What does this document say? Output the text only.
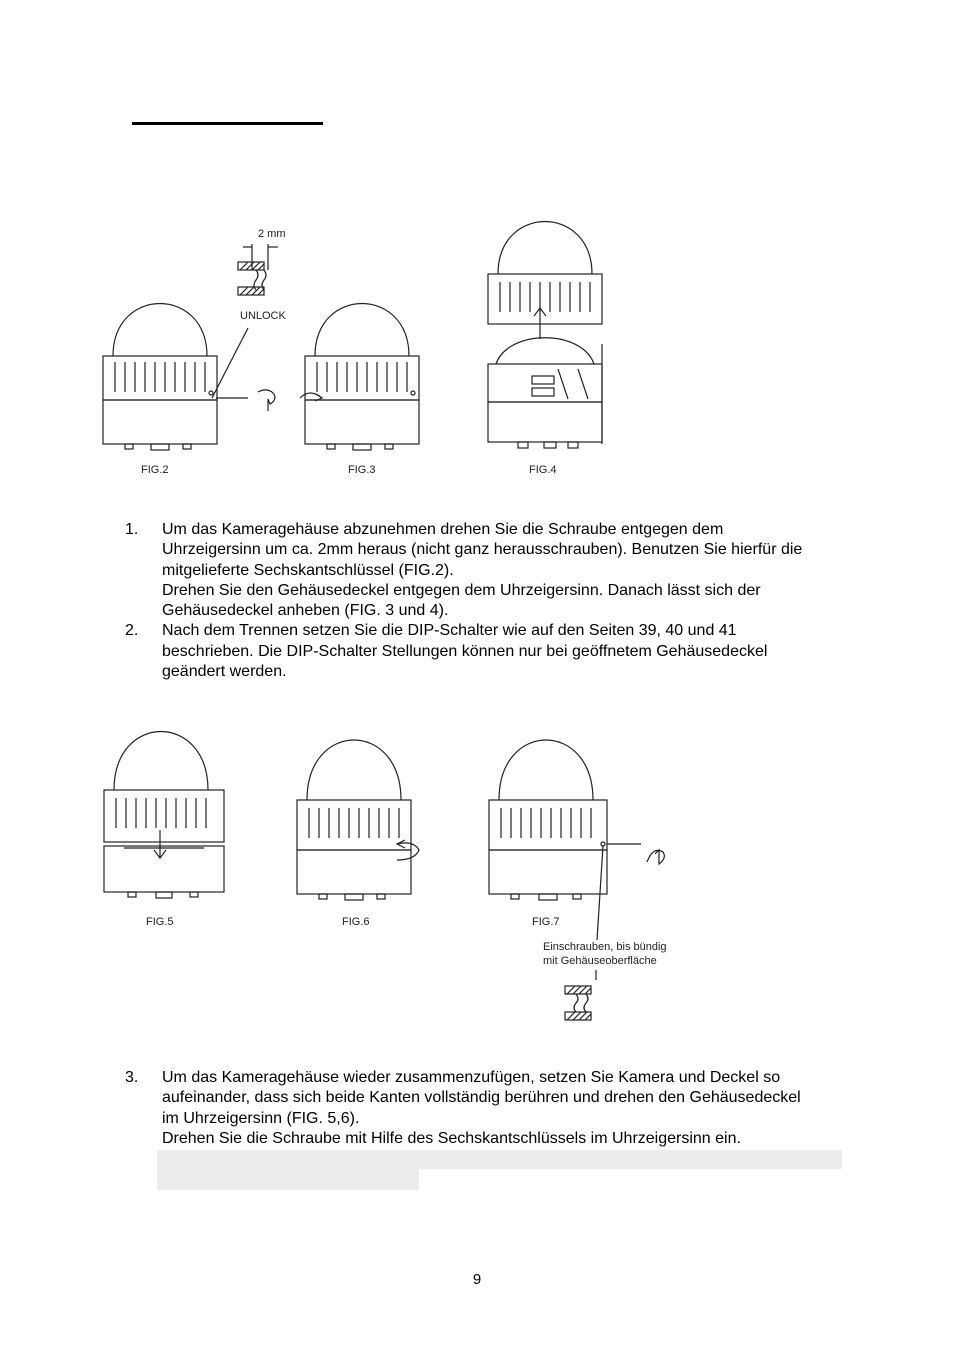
2 mm
UNLOCK
FIG.2	FIG.3	FIG.4
FIG.5	FIG.6	FIG.7
Einschrauben, bis bündig
mit Gehäuseoberfläche
1.	Um das Kameragehäuse abzunehmen drehen Sie die Schraube entgegen dem

Uhrzeigersinn um ca. 2mm heraus (nicht ganz herausschrauben). Benutzen Sie hierfür die

mitgelieferte Sechskantschlüssel (FIG.2).

Drehen Sie den Gehäusedeckel entgegen dem Uhrzeigersinn. Danach lässt sich der

Gehäusedeckel anheben (FIG. 3 und 4).

2.	Nach dem Trennen setzen Sie die DIP-Schalter wie auf den Seiten 39, 40 und 41

beschrieben. Die DIP-Schalter Stellungen können nur bei geöffnetem Gehäusedeckel

geändert werden.

3.	Um das Kameragehäuse wieder zusammenzufügen, setzen Sie Kamera und Deckel so

aufeinander, dass sich beide Kanten vollständig berühren und drehen den Gehäusedeckel

im Uhrzeigersinn (FIG. 5,6).

Drehen Sie die Schraube mit Hilfe des Sechskantschlüssels im Uhrzeigersinn ein.

9
